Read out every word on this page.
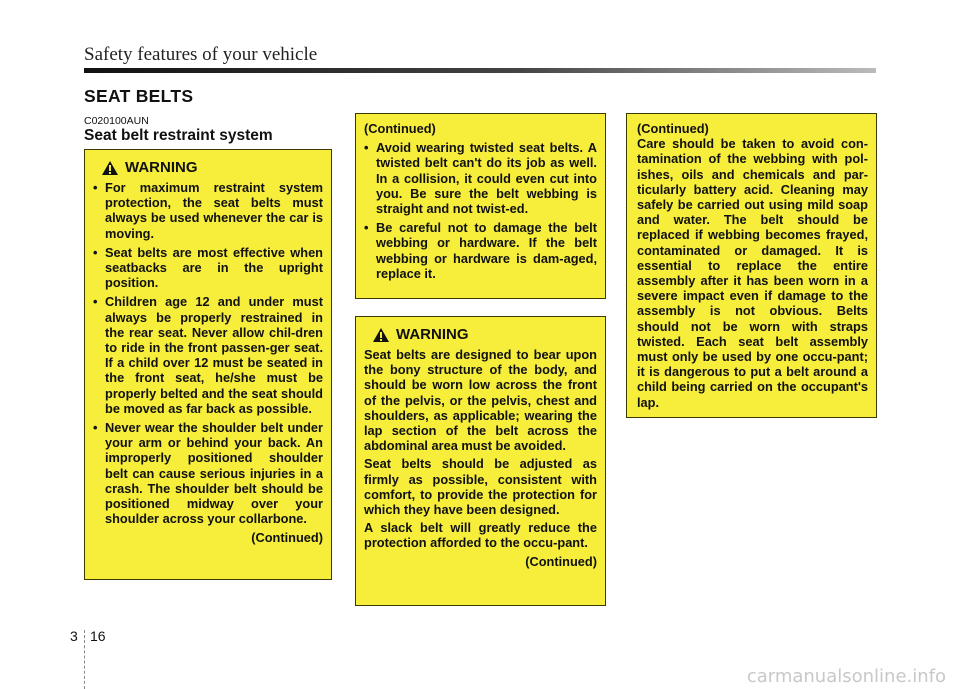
Safety features of your vehicle
SEAT BELTS
C020100AUN
Seat belt restraint system
WARNING
• For maximum restraint system protection, the seat belts must always be used whenever the car is moving.
• Seat belts are most effective when seatbacks are in the upright position.
• Children age 12 and under must always be properly restrained in the rear seat. Never allow chil-dren to ride in the front passen-ger seat. If a child over 12 must be seated in the front seat, he/she must be properly belted and the seat should be moved as far back as possible.
• Never wear the shoulder belt under your arm or behind your back. An improperly positioned shoulder belt can cause serious injuries in a crash. The shoulder belt should be positioned midway over your shoulder across your collarbone.
(Continued)
(Continued)
• Avoid wearing twisted seat belts. A twisted belt can't do its job as well. In a collision, it could even cut into you. Be sure the belt webbing is straight and not twist-ed.
• Be careful not to damage the belt webbing or hardware. If the belt webbing or hardware is dam-aged, replace it.
WARNING

Seat belts are designed to bear upon the bony structure of the body, and should be worn low across the front of the pelvis, or the pelvis, chest and shoulders, as applicable; wearing the lap section of the belt across the abdominal area must be avoided.

Seat belts should be adjusted as firmly as possible, consistent with comfort, to provide the protection for which they have been designed.

A slack belt will greatly reduce the protection afforded to the occu-pant.

(Continued)
(Continued)

Care should be taken to avoid con-tamination of the webbing with pol-ishes, oils and chemicals and par-ticularly battery acid. Cleaning may safely be carried out using mild soap and water. The belt should be replaced if webbing becomes frayed, contaminated or damaged. It is essential to replace the entire assembly after it has been worn in a severe impact even if damage to the assembly is not obvious. Belts should not be worn with straps twisted. Each seat belt assembly must only be used by one occu-pant; it is dangerous to put a belt around a child being carried on the occupant's lap.

3 16
carmanualsonline.info
